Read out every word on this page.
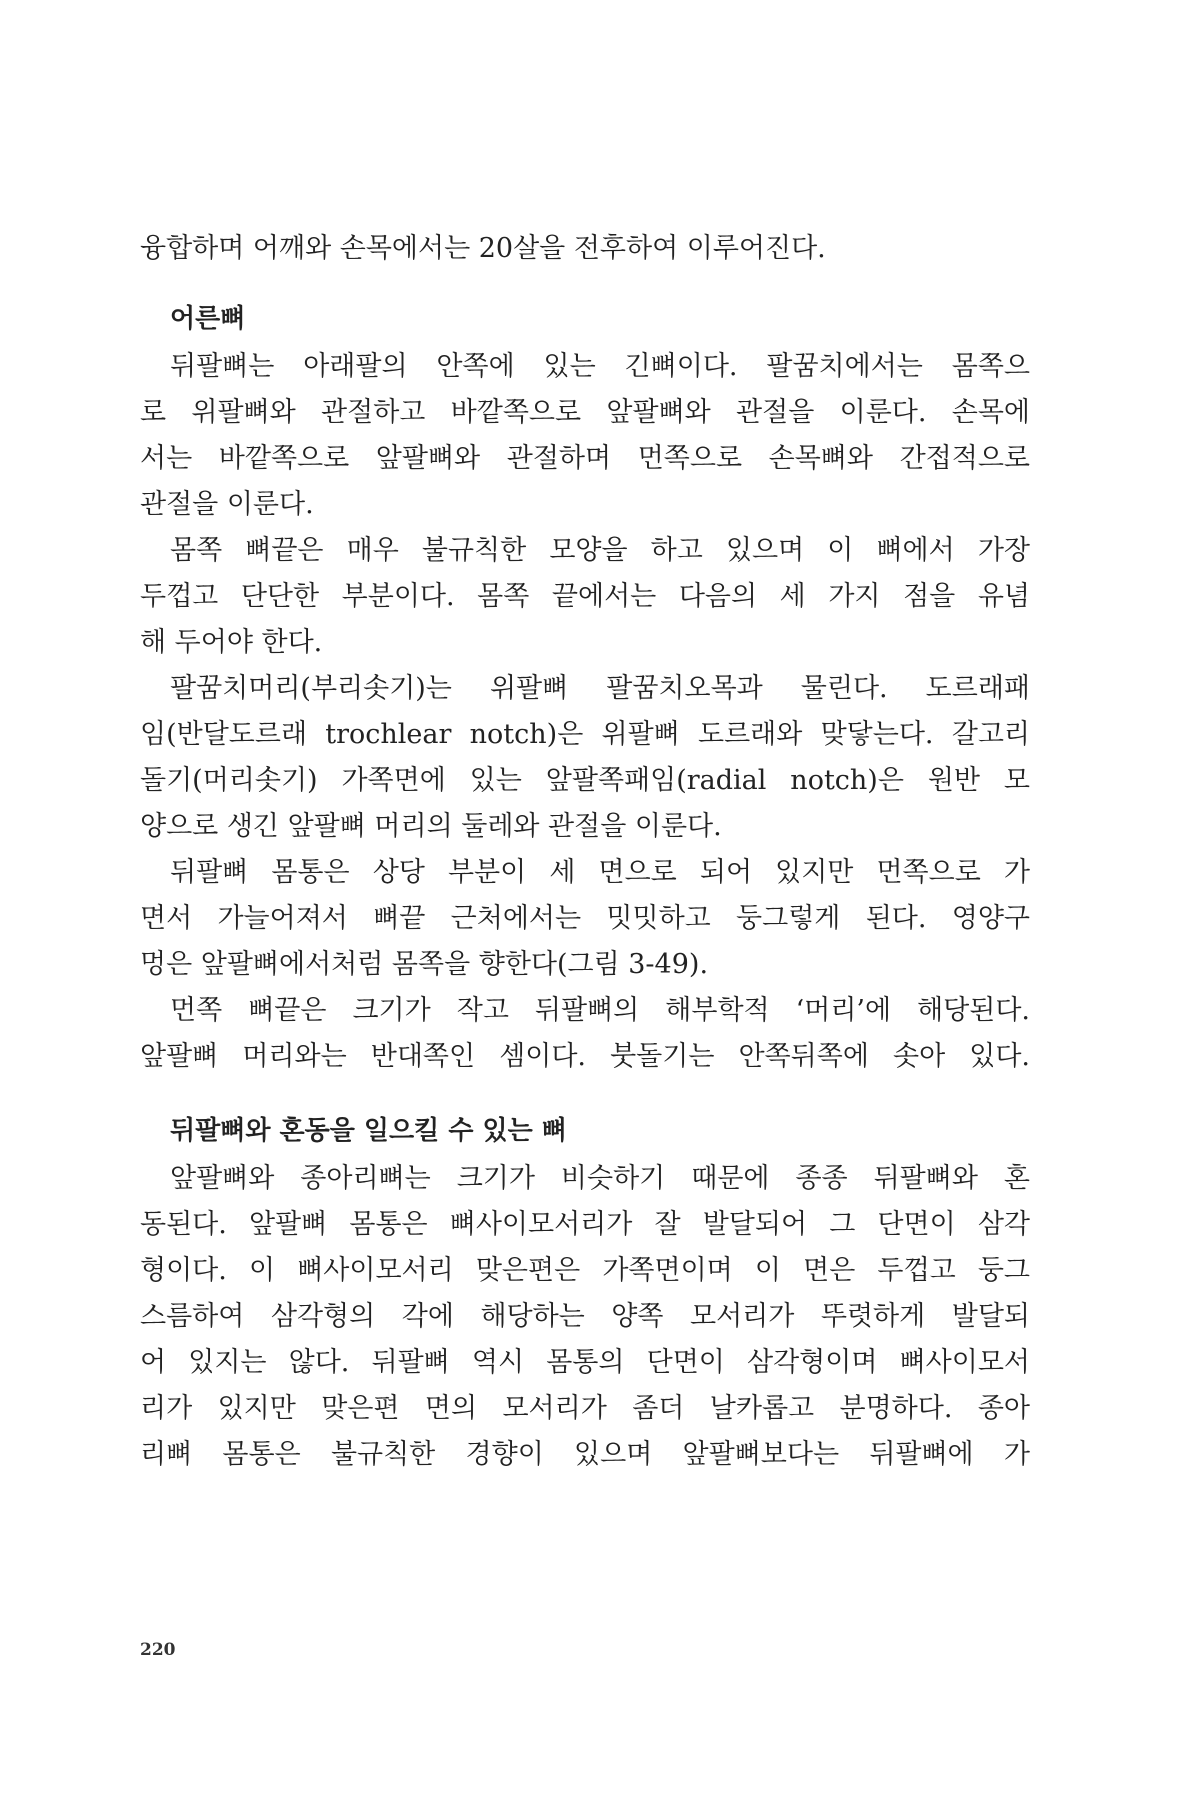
융합하며 어깨와 손목에서는 20살을 전후하여 이루어진다.
어른뼈
뒤팔뼈는 아래팔의 안쪽에 있는 긴뼈이다. 팔꿈치에서는 몸쪽으
로 위팔뼈와 관절하고 바깥쪽으로 앞팔뼈와 관절을 이룬다. 손목에
서는 바깥쪽으로 앞팔뼈와 관절하며 먼쪽으로 손목뼈와 간접적으로
관절을 이룬다.
몸쪽 뼈끝은 매우 불규칙한 모양을 하고 있으며 이 뼈에서 가장
두껍고 단단한 부분이다. 몸쪽 끝에서는 다음의 세 가지 점을 유념
해 두어야 한다.
팔꿈치머리(부리솟기)는 위팔뼈 팔꿈치오목과 물린다. 도르래패
임(반달도르래 trochlear notch)은 위팔뼈 도르래와 맞닿는다. 갈고리
돌기(머리솟기) 가쪽면에 있는 앞팔쪽패임(radial notch)은 원반 모
양으로 생긴 앞팔뼈 머리의 둘레와 관절을 이룬다.
뒤팔뼈 몸통은 상당 부분이 세 면으로 되어 있지만 먼쪽으로 가
면서 가늘어져서 뼈끝 근처에서는 밋밋하고 둥그렇게 된다. 영양구
멍은 앞팔뼈에서처럼 몸쪽을 향한다(그림 3-49).
먼쪽 뼈끝은 크기가 작고 뒤팔뼈의 해부학적 ‘머리’에 해당된다.
앞팔뼈 머리와는 반대쪽인 셈이다. 붓돌기는 안쪽뒤쪽에 솟아 있다.
뒤팔뼈와 혼동을 일으킬 수 있는 뼈
앞팔뼈와 종아리뼈는 크기가 비슷하기 때문에 종종 뒤팔뼈와 혼
동된다. 앞팔뼈 몸통은 뼈사이모서리가 잘 발달되어 그 단면이 삼각
형이다. 이 뼈사이모서리 맞은편은 가쪽면이며 이 면은 두껍고 둥그
스름하여 삼각형의 각에 해당하는 양쪽 모서리가 뚜렷하게 발달되
어 있지는 않다. 뒤팔뼈 역시 몸통의 단면이 삼각형이며 뼈사이모서
리가 있지만 맞은편 면의 모서리가 좀더 날카롭고 분명하다. 종아
리뼈 몸통은 불규칙한 경향이 있으며 앞팔뼈보다는 뒤팔뼈에 가
220
